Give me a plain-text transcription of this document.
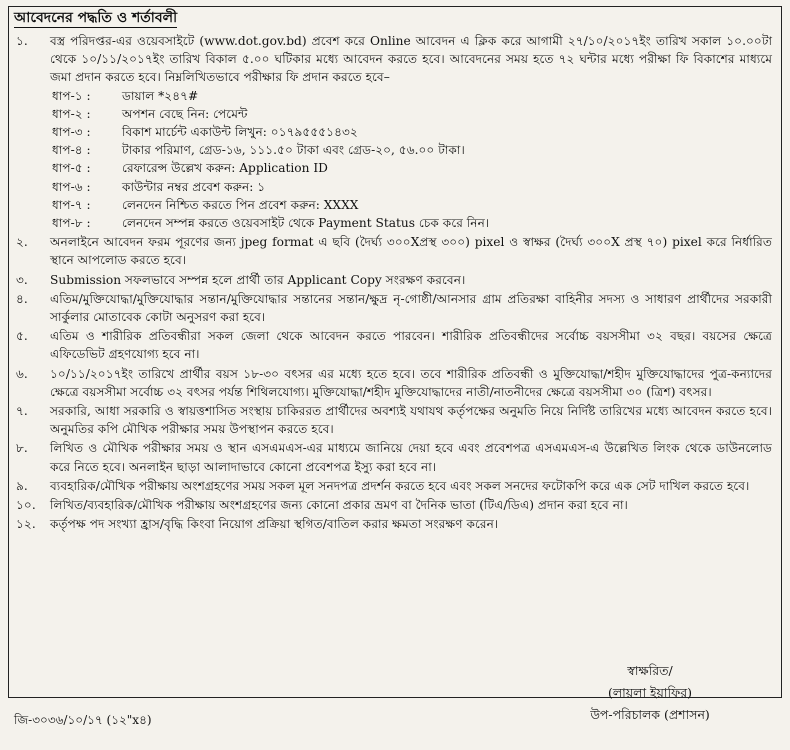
আবেদনের পদ্ধতি ও শর্তাবলী
১.	বস্ত্র পরিদপ্তর-এর ওয়েবসাইটে (www.dot.gov.bd) প্রবেশ করে Online আবেদন এ ক্লিক করে আগামী ২৭/১০/২০১৭ইং তারিখ সকাল ১০.০০টা থেকে ১০/১১/২০১৭ইং তারিখ বিকাল ৫.০০ ঘটিকার মধ্যে আবেদন করতে হবে। আবেদনের সময় হতে ৭২ ঘন্টার মধ্যে পরীক্ষা ফি বিকাশের মাধ্যমে জমা প্রদান করতে হবে। নিম্নলিখিতভাবে পরীক্ষার ফি প্রদান করতে হবে–
ধাপ-১ :	ডায়াল *২৪৭#
ধাপ-২ :	অপশন বেছে নিন: পেমেন্ট
ধাপ-৩ :	বিকাশ মার্চেন্ট একাউন্ট লিখুন: ০১৭৯৫৫৫১৪৩২
ধাপ-৪ :	টাকার পরিমাণ, গ্রেড-১৬, ১১১.৫০ টাকা এবং গ্রেড-২০, ৫৬.০০ টাকা।
ধাপ-৫ :	রেফারেন্স উল্লেখ করুন: Application ID
ধাপ-৬ :	কাউন্টার নম্বর প্রবেশ করুন: ১
ধাপ-৭ :	লেনদেন নিশ্চিত করতে পিন প্রবেশ করুন: XXXX
ধাপ-৮ :	লেনদেন সম্পন্ন করতে ওয়েবসাইট থেকে Payment Status চেক করে নিন।
২.	অনলাইনে আবেদন ফরম পূরণের জন্য jpeg format এ ছবি (দৈর্ঘ্য ৩০০Xপ্রস্থ ৩০০) pixel ও স্বাক্ষর (দৈর্ঘ্য ৩০০X প্রস্থ ৭০) pixel করে নির্ধারিত স্থানে আপলোড করতে হবে।
৩.	Submission সফলভাবে সম্পন্ন হলে প্রার্থী তার Applicant Copy সংরক্ষণ করবেন।
৪.	এতিম/মুক্তিযোদ্ধা/মুক্তিযোদ্ধার সন্তান/মুক্তিযোদ্ধার সন্তানের সন্তান/ক্ষুদ্র নৃ-গোষ্ঠী/আনসার গ্রাম প্রতিরক্ষা বাহিনীর সদস্য ও সাধারণ প্রার্থীদের সরকারী সার্কুলার মোতাবেক কোটা অনুসরণ করা হবে।
৫.	এতিম ও শারীরিক প্রতিবন্ধীরা সকল জেলা থেকে আবেদন করতে পারবেন। শারীরিক প্রতিবন্ধীদের সর্বোচ্চ বয়সসীমা ৩২ বছর। বয়সের ক্ষেত্রে এফিডেভিট গ্রহণযোগ্য হবে না।
৬.	১০/১১/২০১৭ইং তারিখে প্রার্থীর বয়স ১৮-৩০ বৎসর এর মধ্যে হতে হবে। তবে শারীরিক প্রতিবন্ধী ও মুক্তিযোদ্ধা/শহীদ মুক্তিযোদ্ধাদের পুত্র-কন্যাদের ক্ষেত্রে বয়সসীমা সর্বোচ্চ ৩২ বৎসর পর্যন্ত শিথিলযোগ্য। মুক্তিযোদ্ধা/শহীদ মুক্তিযোদ্ধাদের নাতী/নাতনীদের ক্ষেত্রে বয়সসীমা ৩০ (ত্রিশ) বৎসর।
৭.	সরকারি, আধা সরকারি ও স্বায়ত্তশাসিত সংস্থায় চাকিররত প্রার্থীদের অবশ্যই যথাযথ কর্তৃপক্ষের অনুমতি নিয়ে নির্দিষ্ট তারিখের মধ্যে আবেদন করতে হবে। অনুমতির কপি মৌখিক পরীক্ষার সময় উপস্থাপন করতে হবে।
৮.	লিখিত ও মৌখিক পরীক্ষার সময় ও স্থান এসএমএস-এর মাধ্যমে জানিয়ে দেয়া হবে এবং প্রবেশপত্র এসএমএস-এ উল্লেখিত লিংক থেকে ডাউনলোড করে নিতে হবে। অনলাইন ছাড়া আলাদাভাবে কোনো প্রবেশপত্র ইস্যু করা হবে না।
৯.	ব্যবহারিক/মৌখিক পরীক্ষায় অংশগ্রহণের সময় সকল মূল সনদপত্র প্রদর্শন করতে হবে এবং সকল সনদের ফটোকপি করে এক সেট দাখিল করতে হবে।
১০.	লিখিত/ব্যবহারিক/মৌখিক পরীক্ষায় অংশগ্রহণের জন্য কোনো প্রকার ভ্রমণ বা দৈনিক ভাতা (টিএ/ডিএ) প্রদান করা হবে না।
১২.	কর্তৃপক্ষ পদ সংখ্যা হ্রাস/বৃদ্ধি কিংবা নিয়োগ প্রক্রিয়া স্থগিত/বাতিল করার ক্ষমতা সংরক্ষণ করেন।
স্বাক্ষরিত/
(লায়লা ইয়াফির)
উপ-পরিচালক (প্রশাসন)
জি-৩০৩৬/১০/১৭ (১২"x৪)
